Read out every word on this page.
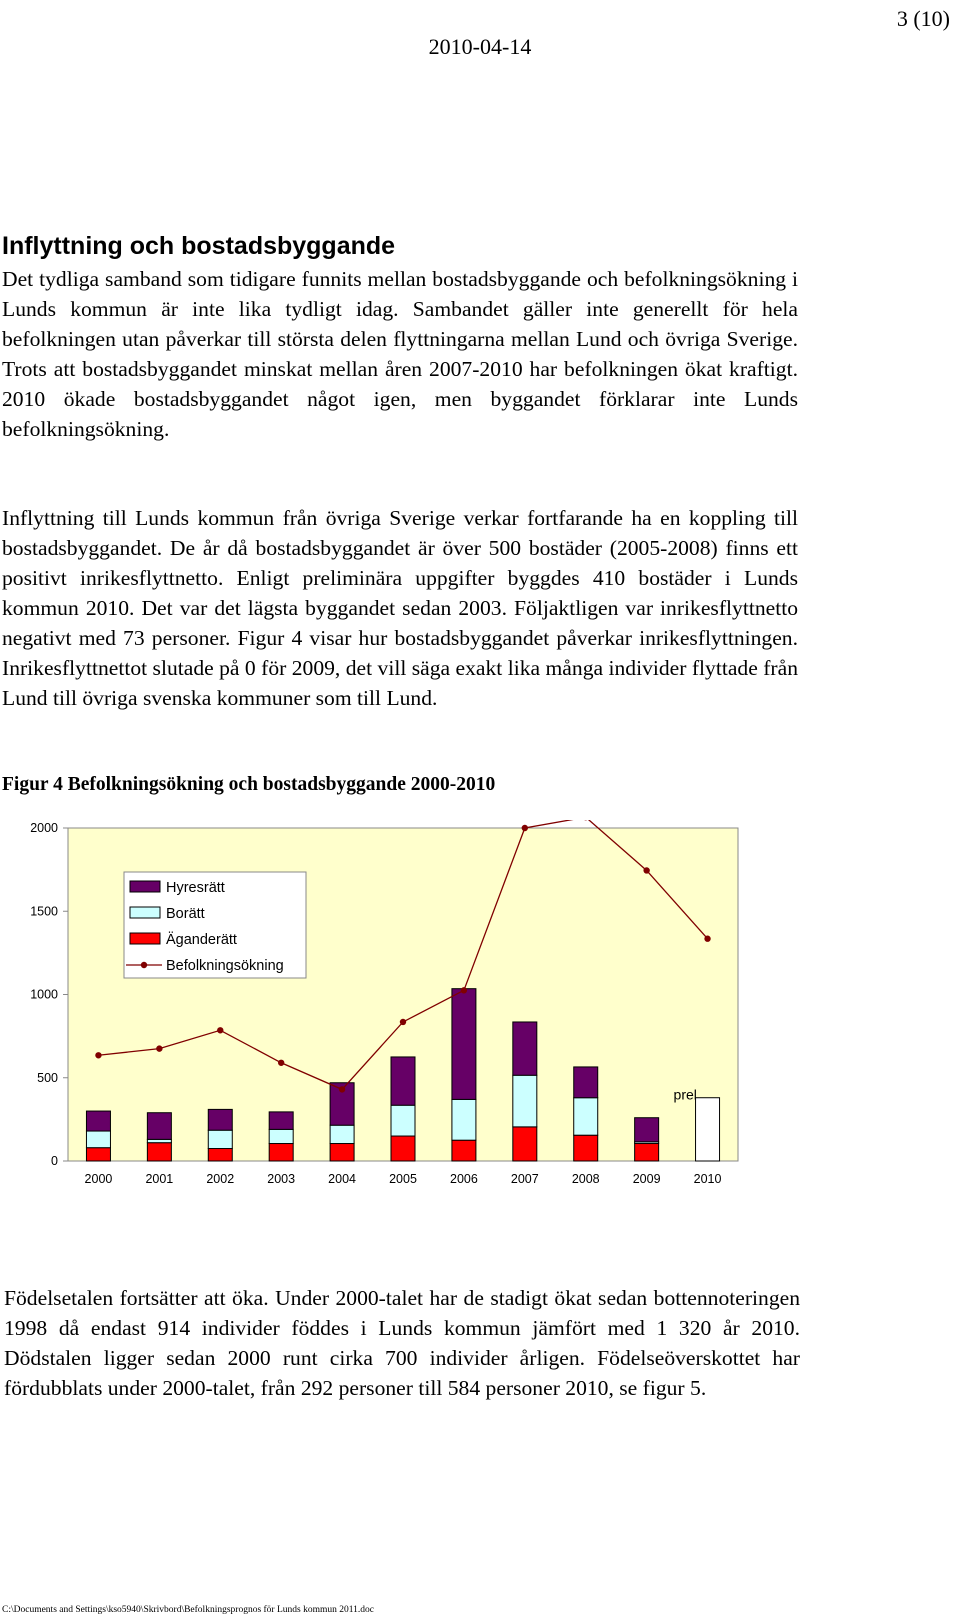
3 (10)
2010-04-14
Inflyttning och bostadsbyggande

Det tydliga samband som tidigare funnits mellan bostadsbyggande och befolkningsökning i Lunds kommun är inte lika tydligt idag. Sambandet gäller inte generellt för hela befolkningen utan påverkar till största delen flyttningarna mellan Lund och övriga Sverige. Trots att bostadsbyggandet minskat mellan åren 2007-2010 har befolkningen ökat kraftigt. 2010 ökade bostadsbyggandet något igen, men byggandet förklarar inte Lunds befolkningsökning.

Inflyttning till Lunds kommun från övriga Sverige verkar fortfarande ha en koppling till bostadsbyggandet. De år då bostadsbyggandet är över 500 bostäder (2005-2008) finns ett positivt inrikesflyttnetto. Enligt preliminära uppgifter byggdes 410 bostäder i Lunds kommun 2010. Det var det lägsta byggandet sedan 2003. Följaktligen var inrikesflyttnetto negativt med 73 personer. Figur 4 visar hur bostadsbyggandet påverkar inrikesflyttningen. Inrikesflyttnettot slutade på 0 för 2009, det vill säga exakt lika många individer flyttade från Lund till övriga svenska kommuner som till Lund.

Figur 4 Befolkningsökning och bostadsbyggande 2000-2010

0
500
1000
1500
2000
2000	2001	2002	2003	2004	2005	2006	2007	2008	2009	2010
prel
Hyresrätt
Borätt
Äganderätt
Befolkningsökning

Födelsetalen fortsätter att öka. Under 2000-talet har de stadigt ökat sedan bottennoteringen 1998 då endast 914 individer föddes i Lunds kommun jämfört med 1 320 år 2010. Dödstalen ligger sedan 2000 runt cirka 700 individer årligen. Födelseöverskottet har fördubblats under 2000-talet, från 292 personer till 584 personer 2010, se figur 5.

C:\Documents and Settings\kso5940\Skrivbord\Befolkningsprognos för Lunds kommun 2011.doc
